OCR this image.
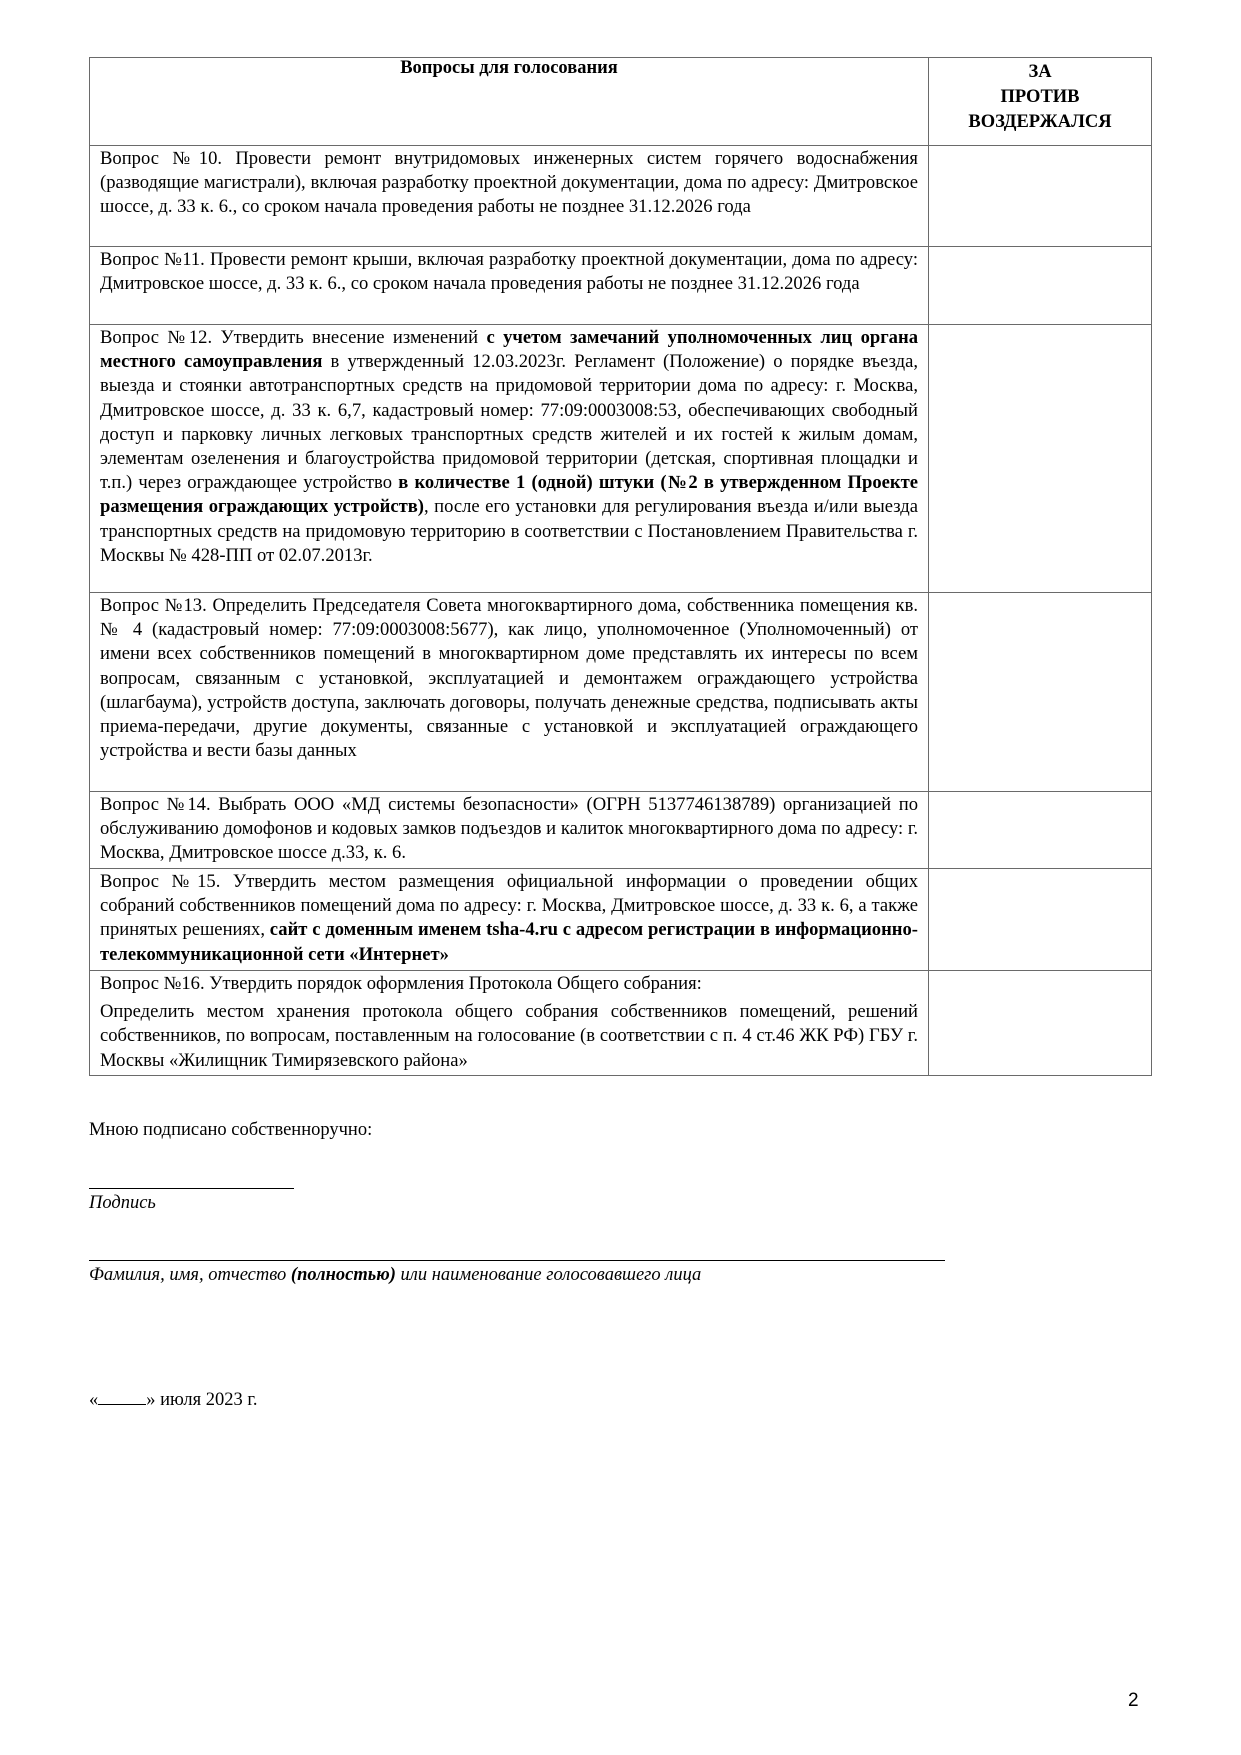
Вопросы для голосования	ЗА
ПРОТИВ
ВОЗДЕРЖАЛСЯ

Вопрос №10. Провести ремонт внутридомовых инженерных систем горячего водоснабжения (разводящие магистрали), включая разработку проектной документации, дома по адресу: Дмитровское шоссе, д. 33 к. 6., со сроком начала проведения работы не позднее 31.12.2026 года	

Вопрос №11. Провести ремонт крыши, включая разработку проектной документации, дома по адресу: Дмитровское шоссе, д. 33 к. 6., со сроком начала проведения работы не позднее 31.12.2026 года	

Вопрос №12. Утвердить внесение изменений с учетом замечаний уполномоченных лиц органа местного самоуправления в утвержденный 12.03.2023г. Регламент (Положение) о порядке въезда, выезда и стоянки автотранспортных средств на придомовой территории дома по адресу: г. Москва, Дмитровское шоссе, д. 33 к. 6,7, кадастровый номер: 77:09:0003008:53, обеспечивающих свободный доступ и парковку личных легковых транспортных средств жителей и их гостей к жилым домам, элементам озеленения и благоустройства придомовой территории (детская, спортивная площадки и т.п.) через ограждающее устройство в количестве 1 (одной) штуки (№2 в утвержденном Проекте размещения ограждающих устройств), после его установки для регулирования въезда и/или выезда транспортных средств на придомовую территорию в соответствии с Постановлением Правительства г. Москвы № 428-ПП от 02.07.2013г.	

Вопрос №13. Определить Председателя Совета многоквартирного дома, собственника помещения кв. № 4 (кадастровый номер: 77:09:0003008:5677), как лицо, уполномоченное (Уполномоченный) от имени всех собственников помещений в многоквартирном доме представлять их интересы по всем вопросам, связанным с установкой, эксплуатацией и демонтажем ограждающего устройства (шлагбаума), устройств доступа, заключать договоры, получать денежные средства, подписывать акты приема-передачи, другие документы, связанные с установкой и эксплуатацией ограждающего устройства и вести базы данных	

Вопрос №14. Выбрать ООО «МД системы безопасности» (ОГРН 5137746138789) организацией по обслуживанию домофонов и кодовых замков подъездов и калиток многоквартирного дома по адресу: г. Москва, Дмитровское шоссе д.33, к. 6.	

Вопрос №15. Утвердить местом размещения официальной информации о проведении общих собраний собственников помещений дома по адресу: г. Москва, Дмитровское шоссе, д. 33 к. 6, а также принятых решениях, сайт с доменным именем tsha-4.ru с адресом регистрации в информационно-телекоммуникационной сети «Интернет»	

Вопрос №16. Утвердить порядок оформления Протокола Общего собрания:

Определить местом хранения протокола общего собрания собственников помещений, решений собственников, по вопросам, поставленным на голосование (в соответствии с п. 4 ст.46 ЖК РФ) ГБУ г. Москвы «Жилищник Тимирязевского района»	

Мною подписано собственноручно:
Подпись
Фамилия, имя, отчество (полностью) или наименование голосовавшего лица
«	» июля 2023 г.
2
